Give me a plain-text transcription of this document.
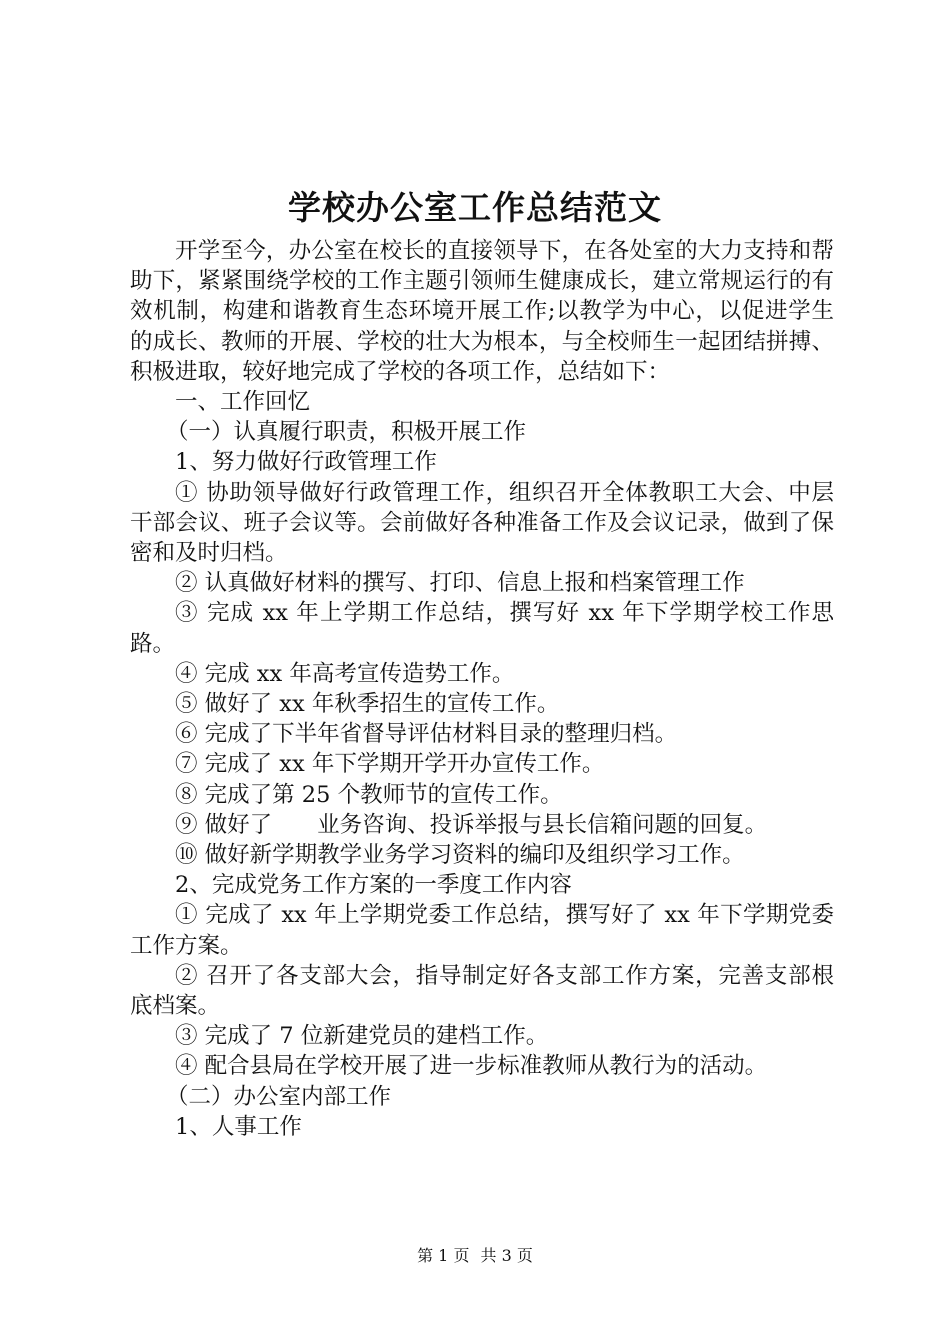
学校办公室工作总结范文

开学至今，办公室在校长的直接领导下，在各处室的大力支持和帮助下，紧紧围绕学校的工作主题引领师生健康成长，建立常规运行的有效机制，构建和谐教育生态环境开展工作;以教学为中心，以促进学生的成长、教师的开展、学校的壮大为根本，与全校师生一起团结拼搏、积极进取，较好地完成了学校的各项工作，总结如下：

一、工作回忆

（一）认真履行职责，积极开展工作

1、努力做好行政管理工作

① 协助领导做好行政管理工作，组织召开全体教职工大会、中层干部会议、班子会议等。会前做好各种准备工作及会议记录，做到了保密和及时归档。

② 认真做好材料的撰写、打印、信息上报和档案管理工作

③ 完成 xx 年上学期工作总结，撰写好 xx 年下学期学校工作思路。

④ 完成 xx 年高考宣传造势工作。

⑤ 做好了 xx 年秋季招生的宣传工作。

⑥ 完成了下半年省督导评估材料目录的整理归档。

⑦ 完成了 xx 年下学期开学开办宣传工作。

⑧ 完成了第 25 个教师节的宣传工作。

⑨ 做好了　　业务咨询、投诉举报与县长信箱问题的回复。

⑩ 做好新学期教学业务学习资料的编印及组织学习工作。

2、完成党务工作方案的一季度工作内容

① 完成了 xx 年上学期党委工作总结，撰写好了 xx 年下学期党委工作方案。

② 召开了各支部大会，指导制定好各支部工作方案，完善支部根底档案。

③ 完成了 7 位新建党员的建档工作。

④ 配合县局在学校开展了进一步标准教师从教行为的活动。

（二）办公室内部工作

1、人事工作

第 1 页 共 3 页
